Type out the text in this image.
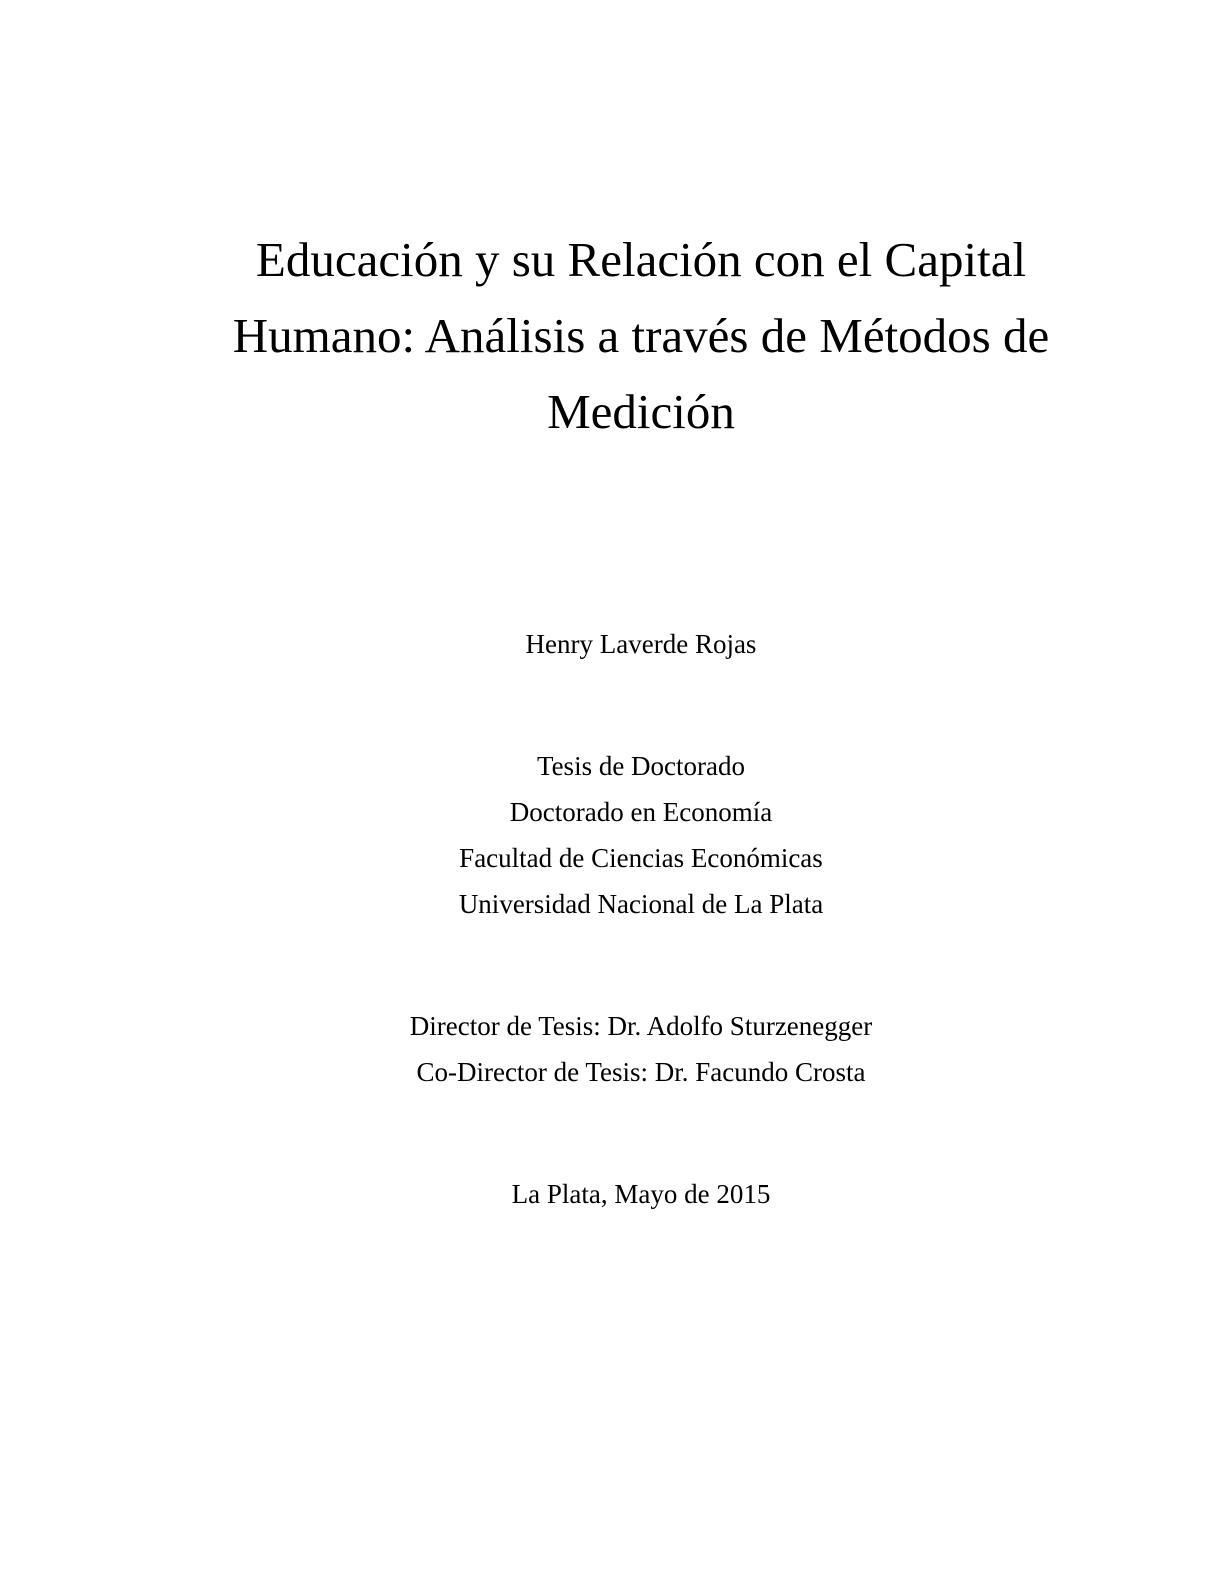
Educación y su Relación con el Capital
Humano: Análisis a través de Métodos de
Medición
Henry Laverde Rojas
Tesis de Doctorado
Doctorado en Economía
Facultad de Ciencias Económicas
Universidad Nacional de La Plata
Director de Tesis: Dr. Adolfo Sturzenegger
Co-Director de Tesis: Dr. Facundo Crosta
La Plata, Mayo de 2015
